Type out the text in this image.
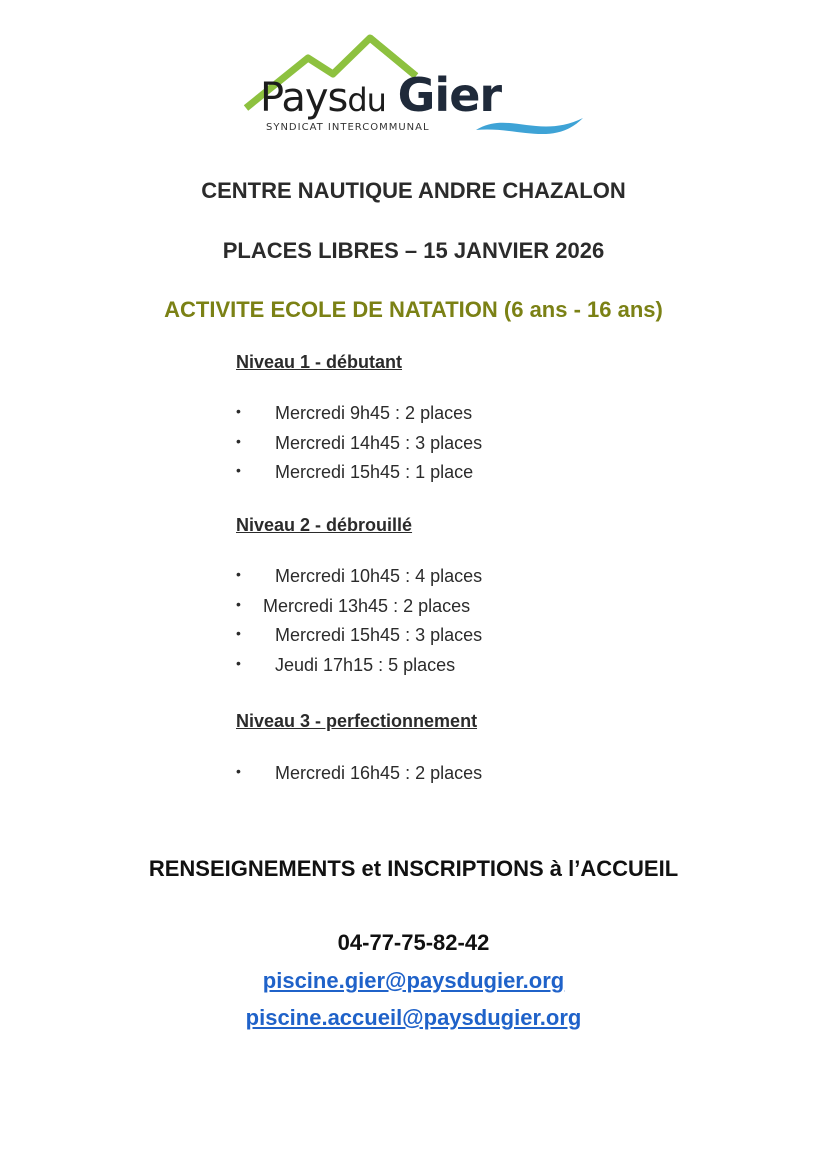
Paysdu Gier
SYNDICAT INTERCOMMUNAL
CENTRE NAUTIQUE ANDRE CHAZALON
PLACES LIBRES – 15 JANVIER 2026
ACTIVITE ECOLE DE NATATION (6 ans - 16 ans)
Niveau 1 - débutant
• Mercredi 9h45 : 2 places
• Mercredi 14h45 : 3 places
• Mercredi 15h45 : 1 place
Niveau 2 - débrouillé
• Mercredi 10h45 : 4 places
• Mercredi 13h45 : 2 places
• Mercredi 15h45 : 3 places
• Jeudi 17h15 : 5 places
Niveau 3 - perfectionnement
• Mercredi 16h45 : 2 places
RENSEIGNEMENTS et INSCRIPTIONS à l’ACCUEIL
04-77-75-82-42
piscine.gier@paysdugier.org
piscine.accueil@paysdugier.org
